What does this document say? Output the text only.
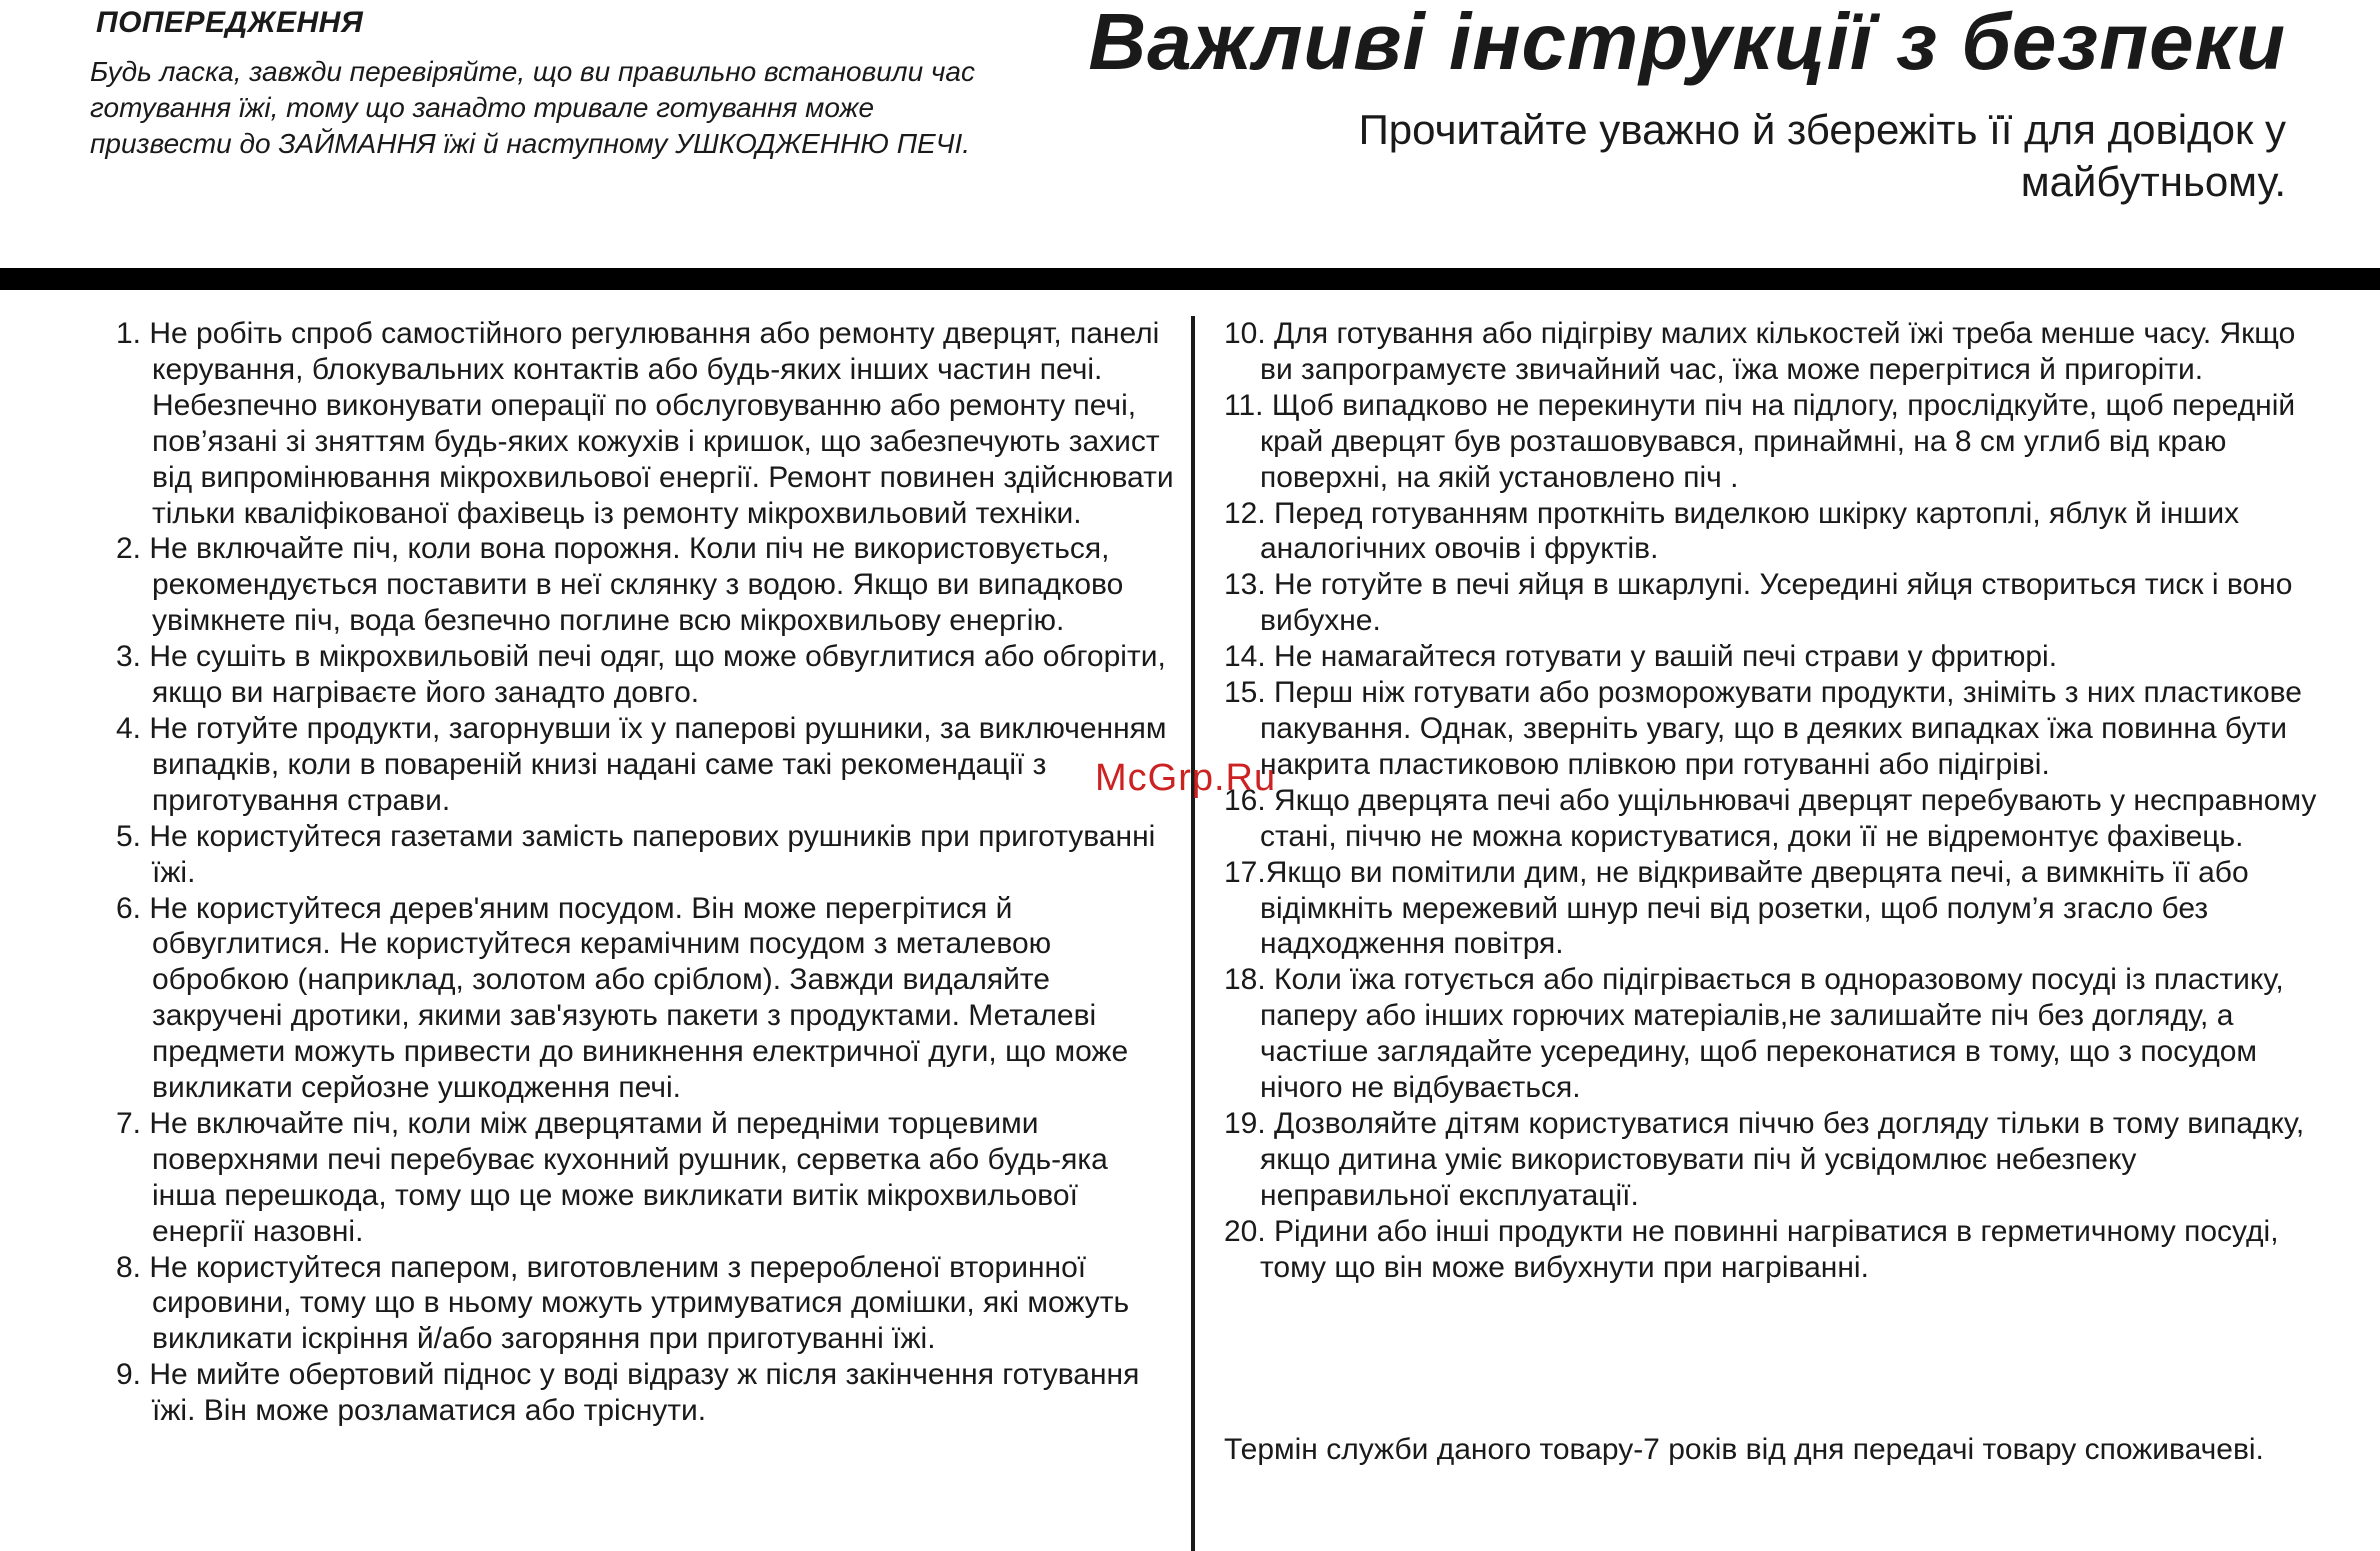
ПОПЕРЕДЖЕННЯ
Будь ласка, завжди перевіряйте, що ви правильно встановили час готування їжі, тому що занадто тривале готування може призвести до ЗАЙМАННЯ їжі й наступному УШКОДЖЕННЮ ПЕЧІ.
Важливі інструкції з безпеки
Прочитайте уважно й збережіть її для довідок у майбутньому.
1. Не робіть спроб самостійного регулювання або ремонту дверцят, панелі керування, блокувальних контактів або будь-яких інших частин печі. Небезпечно виконувати операції по обслуговуванню або ремонту печі, пов’язані зі зняттям будь-яких кожухів і кришок, що забезпечують захист від випромінювання мікрохвильової енергії. Ремонт повинен здійснювати тільки кваліфікованої фахівець із ремонту мікрохвильовий техніки.
2. Не включайте піч, коли вона порожня. Коли піч не використовується, рекомендується поставити в неї склянку з водою. Якщо ви випадково увімкнете піч, вода безпечно поглине всю мікрохвильову енергію.
3. Не сушіть в мікрохвильовій печі одяг, що може обвуглитися або обгоріти, якщо ви нагріваєте його занадто довго.
4. Не готуйте продукти, загорнувши їх у паперові рушники, за виключенням випадків, коли в повареній книзі надані саме такі рекомендації з приготування страви.
5. Не користуйтеся газетами замість паперових рушників при приготуванні їжі.
6. Не користуйтеся дерев'яним посудом. Він може перегрітися й обвуглитися. Не користуйтеся керамічним посудом з металевою обробкою (наприклад, золотом або сріблом). Завжди видаляйте закручені дротики, якими зав'язують пакети з продуктами. Металеві предмети можуть привести до виникнення електричної дуги, що може викликати серйозне ушкодження печі.
7. Не включайте піч, коли між дверцятами й передніми торцевими поверхнями печі перебуває кухонний рушник, серветка або будь-яка інша перешкода, тому що це може викликати витік мікрохвильової енергії назовні.
8. Не користуйтеся папером, виготовленим з переробленої вторинної сировини, тому що в ньому можуть утримуватися домішки, які можуть викликати іскріння й/або загоряння при приготуванні їжі.
9. Не мийте обертовий піднос у воді відразу ж після закінчення готування їжі. Він може розламатися або тріснути.
10. Для готування або підігріву малих кількостей їжі треба менше часу. Якщо ви запрограмуєте звичайний час, їжа може перегрітися й пригоріти.
11. Щоб випадково не перекинути піч на підлогу, прослідкуйте, щоб передній край дверцят був розташовувався, принаймні, на 8 см углиб від краю поверхні, на якій установлено піч .
12. Перед готуванням проткніть виделкою шкірку картоплі, яблук й інших аналогічних овочів і фруктів.
13. Не готуйте в печі яйця в шкарлупі. Усередині яйця створиться тиск і воно вибухне.
14. Не намагайтеся готувати у вашій печі страви у фритюрі.
15. Перш ніж готувати або розморожувати продукти, зніміть з них пластикове пакування. Однак, зверніть увагу, що в деяких випадках їжа повинна бути накрита пластиковою плівкою при готуванні або підігріві.
16. Якщо дверцята печі або ущільнювачі дверцят перебувають у несправному стані, піччю не можна користуватися, доки її не відремонтує фахівець.
17.Якщо ви помітили дим, не відкривайте дверцята печі, а вимкніть її або відімкніть мережевий шнур печі від розетки, щоб полум’я згасло без надходження повітря.
18. Коли їжа готується або підігрівається в одноразовому посуді із пластику, паперу або інших горючих матеріалів,не залишайте піч без догляду, а частіше заглядайте усередину, щоб переконатися в тому, що з посудом нічого не відбувається.
19. Дозволяйте дітям користуватися піччю без догляду тільки в тому випадку, якщо дитина уміє використовувати піч й усвідомлює небезпеку неправильної експлуатації.
20. Рідини або інші продукти не повинні нагріватися в герметичному посуді, тому що він може вибухнути при нагріванні.
Термін служби даного товару-7 років від дня передачі товару споживачеві.
McGrp.Ru
